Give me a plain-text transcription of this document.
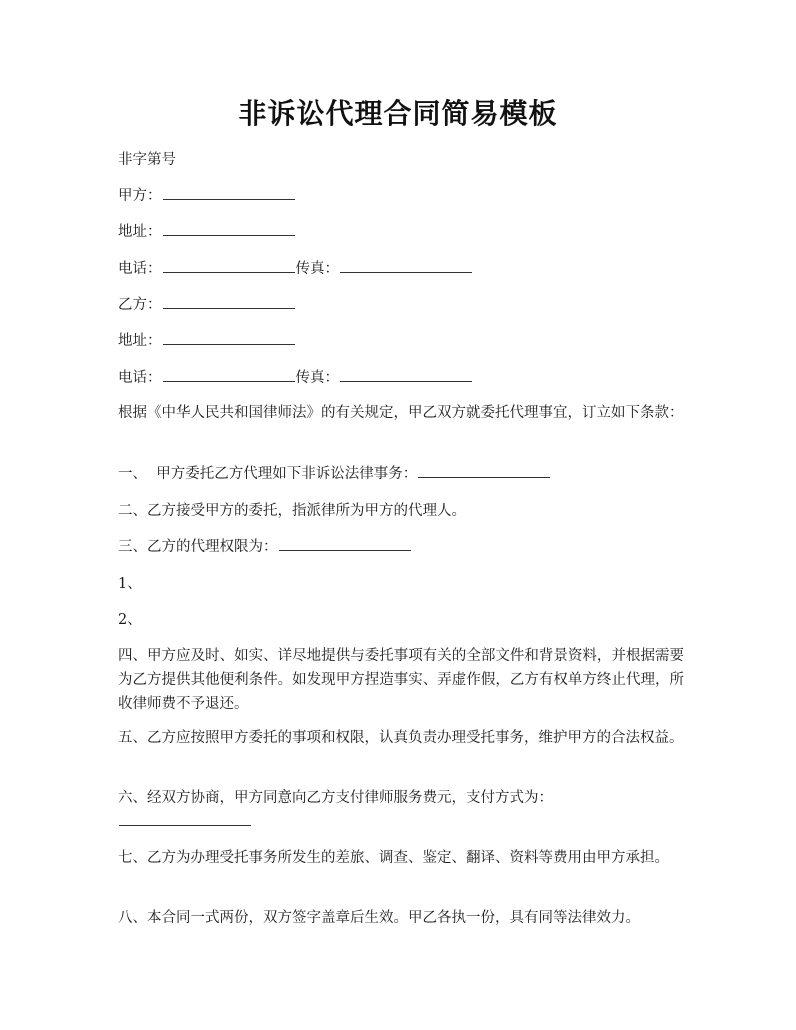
非诉讼代理合同简易模板
非字第号
甲方：
地址：
电话：	传真：
乙方：
地址：
电话：	传真：
根据《中华人民共和国律师法》的有关规定，甲乙双方就委托代理事宜，订立如下条款：
一、  甲方委托乙方代理如下非诉讼法律事务：
二、乙方接受甲方的委托，指派律所为甲方的代理人。
三、乙方的代理权限为：
1、
2、
四、甲方应及时、如实、详尽地提供与委托事项有关的全部文件和背景资料，并根据需要为乙方提供其他便利条件。如发现甲方捏造事实、弄虚作假，乙方有权单方终止代理，所收律师费不予退还。
五、乙方应按照甲方委托的事项和权限，认真负责办理受托事务，维护甲方的合法权益。
六、经双方协商，甲方同意向乙方支付律师服务费元，支付方式为：
七、乙方为办理受托事务所发生的差旅、调查、鉴定、翻译、资料等费用由甲方承担。
八、本合同一式两份，双方签字盖章后生效。甲乙各执一份，具有同等法律效力。
